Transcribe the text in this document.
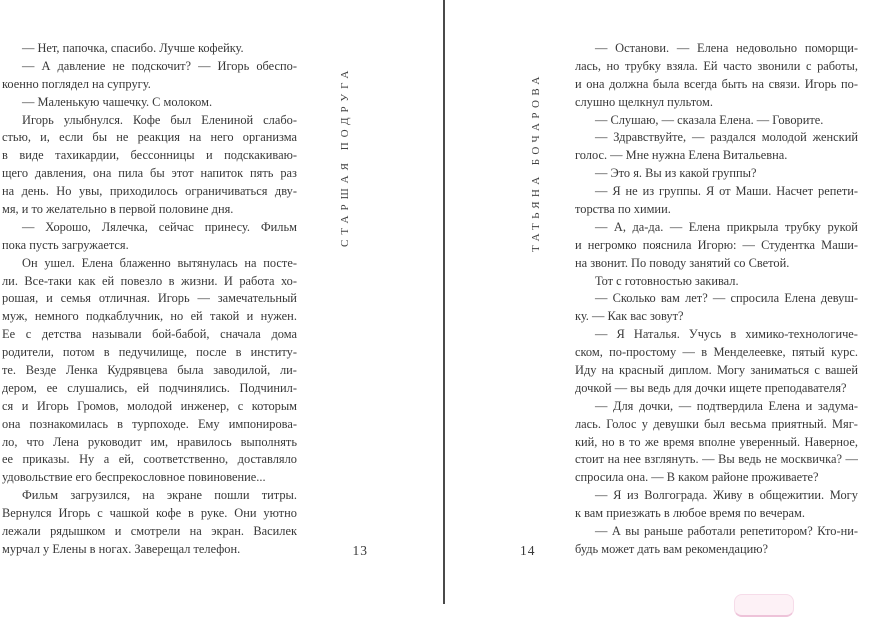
— Нет, папочка, спасибо. Лучше кофейку.
— А давление не подскочит? — Игорь обеспо-
коенно поглядел на супругу.
— Маленькую чашечку. С молоком.
Игорь улыбнулся. Кофе был Елениной слабо-
стью, и, если бы не реакция на него организма
в виде тахикардии, бессонницы и подскакиваю-
щего давления, она пила бы этот напиток пять раз
на день. Но увы, приходилось ограничиваться дву-
мя, и то желательно в первой половине дня.
— Хорошо, Лялечка, сейчас принесу. Фильм
пока пусть загружается.
Он ушел. Елена блаженно вытянулась на посте-
ли. Все-таки как ей повезло в жизни. И работа хо-
рошая, и семья отличная. Игорь — замечательный
муж, немного подкаблучник, но ей такой и нужен.
Ее с детства называли бой-бабой, сначала дома
родители, потом в педучилище, после в институ-
те. Везде Ленка Кудрявцева была заводилой, ли-
дером, ее слушались, ей подчинялись. Подчинил-
ся и Игорь Громов, молодой инженер, с которым
она познакомилась в турпоходе. Ему импонирова-
ло, что Лена руководит им, нравилось выполнять
ее приказы. Ну а ей, соответственно, доставляло
удовольствие его беспрекословное повиновение...
Фильм загрузился, на экране пошли титры.
Вернулся Игорь с чашкой кофе в руке. Они уютно
лежали рядышком и смотрели на экран. Василек
мурчал у Елены в ногах. Заверещал телефон.
СТАРШАЯ ПОДРУГА
13
— Останови. — Елена недовольно поморщи-
лась, но трубку взяла. Ей часто звонили с работы,
и она должна была всегда быть на связи. Игорь по-
слушно щелкнул пультом.
— Слушаю, — сказала Елена. — Говорите.
— Здравствуйте, — раздался молодой женский
голос. — Мне нужна Елена Витальевна.
— Это я. Вы из какой группы?
— Я не из группы. Я от Маши. Насчет репети-
торства по химии.
— А, да-да. — Елена прикрыла трубку рукой
и негромко пояснила Игорю: — Студентка Маши-
на звонит. По поводу занятий со Светой.
Тот с готовностью закивал.
— Сколько вам лет? — спросила Елена девуш-
ку. — Как вас зовут?
— Я Наталья. Учусь в химико-технологиче-
ском, по-простому — в Менделеевке, пятый курс.
Иду на красный диплом. Могу заниматься с вашей
дочкой — вы ведь для дочки ищете преподавателя?
— Для дочки, — подтвердила Елена и задума-
лась. Голос у девушки был весьма приятный. Мяг-
кий, но в то же время вполне уверенный. Наверное,
стоит на нее взглянуть. — Вы ведь не москвичка? —
спросила она. — В каком районе проживаете?
— Я из Волгограда. Живу в общежитии. Могу
к вам приезжать в любое время по вечерам.
— А вы раньше работали репетитором? Кто-ни-
будь может дать вам рекомендацию?
ТАТЬЯНА БОЧАРОВА
14
